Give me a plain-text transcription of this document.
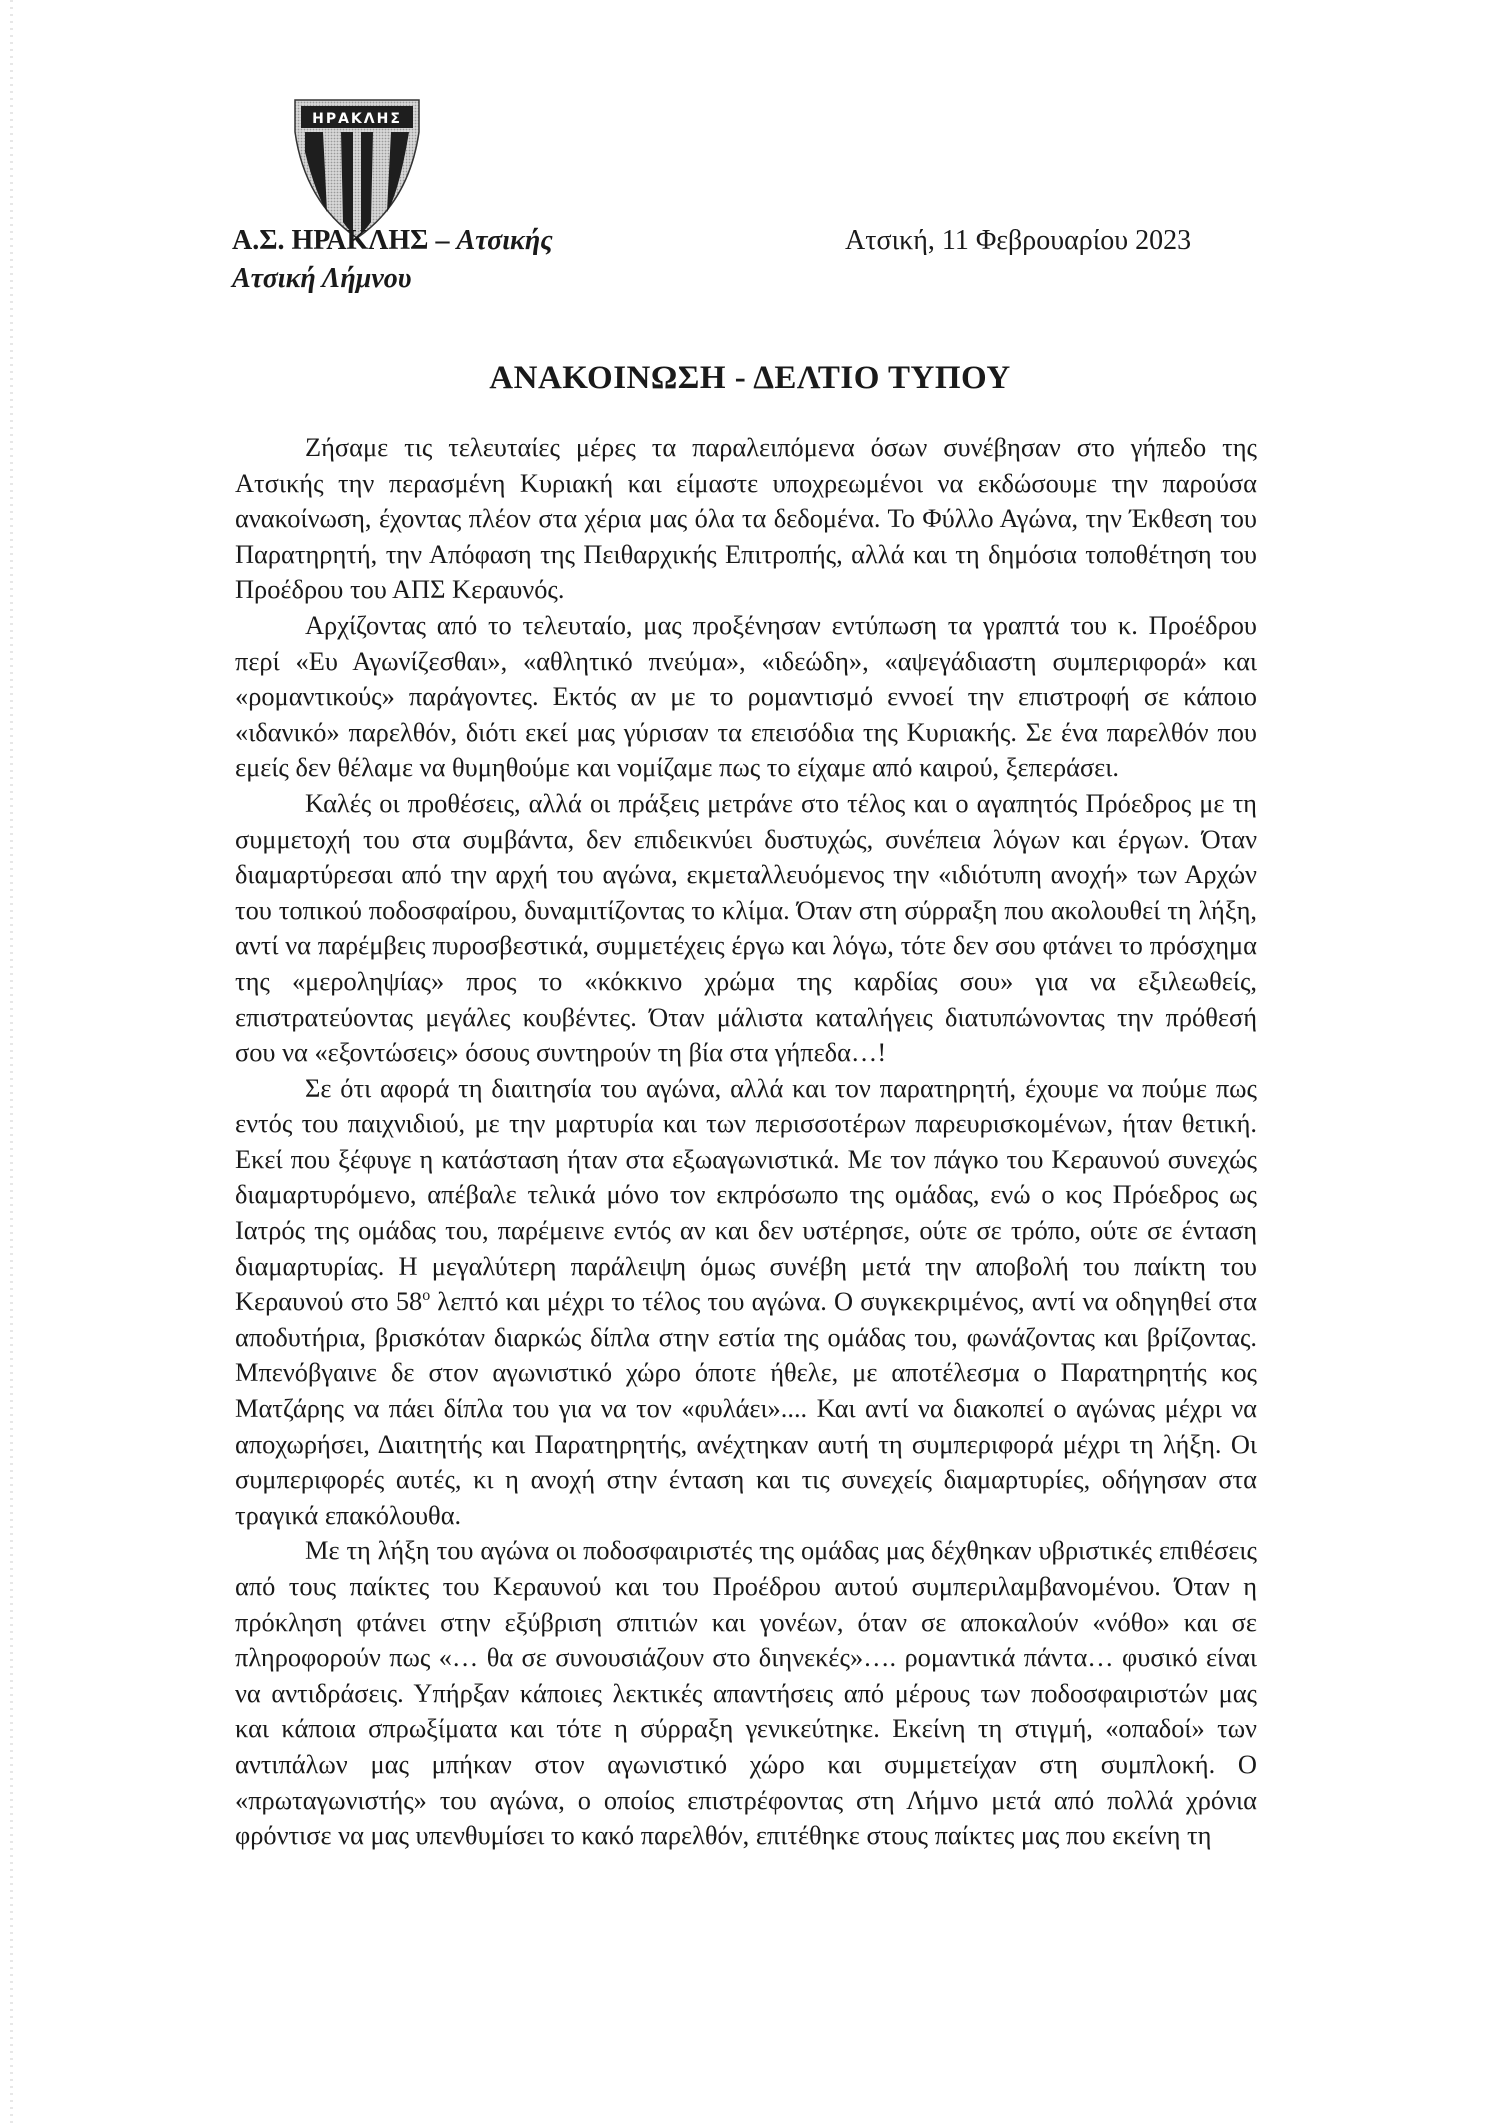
ΗΡΑΚΛΗΣ
Α.Σ. ΗΡΑΚΛΗΣ – Ατσικής
Ατσική Λήμνου
Ατσική, 11 Φεβρουαρίου 2023
ΑΝΑΚΟΙΝΩΣΗ - ΔΕΛΤΙΟ ΤΥΠΟΥ

Ζήσαμε τις τελευταίες μέρες τα παραλειπόμενα όσων συνέβησαν στο γήπεδο της Ατσικής την περασμένη Κυριακή και είμαστε υποχρεωμένοι να εκδώσουμε την παρούσα ανακοίνωση, έχοντας πλέον στα χέρια μας όλα τα δεδομένα. Το Φύλλο Αγώνα, την Έκθεση του Παρατηρητή, την Απόφαση της Πειθαρχικής Επιτροπής, αλλά και τη δημόσια τοποθέτηση του Προέδρου του ΑΠΣ Κεραυνός.

Αρχίζοντας από το τελευταίο, μας προξένησαν εντύπωση τα γραπτά του κ. Προέδρου περί «Ευ Αγωνίζεσθαι», «αθλητικό πνεύμα», «ιδεώδη», «αψεγάδιαστη συμπεριφορά» και «ρομαντικούς» παράγοντες. Εκτός αν με το ρομαντισμό εννοεί την επιστροφή σε κάποιο «ιδανικό» παρελθόν, διότι εκεί μας γύρισαν τα επεισόδια της Κυριακής. Σε ένα παρελθόν που εμείς δεν θέλαμε να θυμηθούμε και νομίζαμε πως το είχαμε από καιρού, ξεπεράσει.

Καλές οι προθέσεις, αλλά οι πράξεις μετράνε στο τέλος και ο αγαπητός Πρόεδρος με τη συμμετοχή του στα συμβάντα, δεν επιδεικνύει δυστυχώς, συνέπεια λόγων και έργων. Όταν διαμαρτύρεσαι από την αρχή του αγώνα, εκμεταλλευόμενος την «ιδιότυπη ανοχή» των Αρχών του τοπικού ποδοσφαίρου, δυναμιτίζοντας το κλίμα. Όταν στη σύρραξη που ακολουθεί τη λήξη, αντί να παρέμβεις πυροσβεστικά, συμμετέχεις έργω και λόγω, τότε δεν σου φτάνει το πρόσχημα της «μεροληψίας» προς το «κόκκινο χρώμα της καρδίας σου» για να εξιλεωθείς, επιστρατεύοντας μεγάλες κουβέντες. Όταν μάλιστα καταλήγεις διατυπώνοντας την πρόθεσή σου να «εξοντώσεις» όσους συντηρούν τη βία στα γήπεδα…!

Σε ότι αφορά τη διαιτησία του αγώνα, αλλά και τον παρατηρητή, έχουμε να πούμε πως εντός του παιχνιδιού, με την μαρτυρία και των περισσοτέρων παρευρισκομένων, ήταν θετική. Εκεί που ξέφυγε η κατάσταση ήταν στα εξωαγωνιστικά. Με τον πάγκο του Κεραυνού συνεχώς διαμαρτυρόμενο, απέβαλε τελικά μόνο τον εκπρόσωπο της ομάδας, ενώ ο κος Πρόεδρος ως Ιατρός της ομάδας του, παρέμεινε εντός αν και δεν υστέρησε, ούτε σε τρόπο, ούτε σε ένταση διαμαρτυρίας. Η μεγαλύτερη παράλειψη όμως συνέβη μετά την αποβολή του παίκτη του Κεραυνού στο $58^o$ λεπτό και μέχρι το τέλος του αγώνα. Ο συγκεκριμένος, αντί να οδηγηθεί στα αποδυτήρια, βρισκόταν διαρκώς δίπλα στην εστία της ομάδας του, φωνάζοντας και βρίζοντας. Μπενόβγαινε δε στον αγωνιστικό χώρο όποτε ήθελε, με αποτέλεσμα ο Παρατηρητής κος Ματζάρης να πάει δίπλα του για να τον «φυλάει».... Και αντί να διακοπεί ο αγώνας μέχρι να αποχωρήσει, Διαιτητής και Παρατηρητής, ανέχτηκαν αυτή τη συμπεριφορά μέχρι τη λήξη. Οι συμπεριφορές αυτές, κι η ανοχή στην ένταση και τις συνεχείς διαμαρτυρίες, οδήγησαν στα τραγικά επακόλουθα.

Με τη λήξη του αγώνα οι ποδοσφαιριστές της ομάδας μας δέχθηκαν υβριστικές επιθέσεις από τους παίκτες του Κεραυνού και του Προέδρου αυτού συμπεριλαμβανομένου. Όταν η πρόκληση φτάνει στην εξύβριση σπιτιών και γονέων, όταν σε αποκαλούν «νόθο» και σε πληροφορούν πως «… θα σε συνουσιάζουν στο διηνεκές»…. ρομαντικά πάντα… φυσικό είναι να αντιδράσεις. Υπήρξαν κάποιες λεκτικές απαντήσεις από μέρους των ποδοσφαιριστών μας και κάποια σπρωξίματα και τότε η σύρραξη γενικεύτηκε. Εκείνη τη στιγμή, «οπαδοί» των αντιπάλων μας μπήκαν στον αγωνιστικό χώρο και συμμετείχαν στη συμπλοκή. Ο «πρωταγωνιστής» του αγώνα, ο οποίος επιστρέφοντας στη Λήμνο μετά από πολλά χρόνια φρόντισε να μας υπενθυμίσει το κακό παρελθόν, επιτέθηκε στους παίκτες μας που εκείνη τη
